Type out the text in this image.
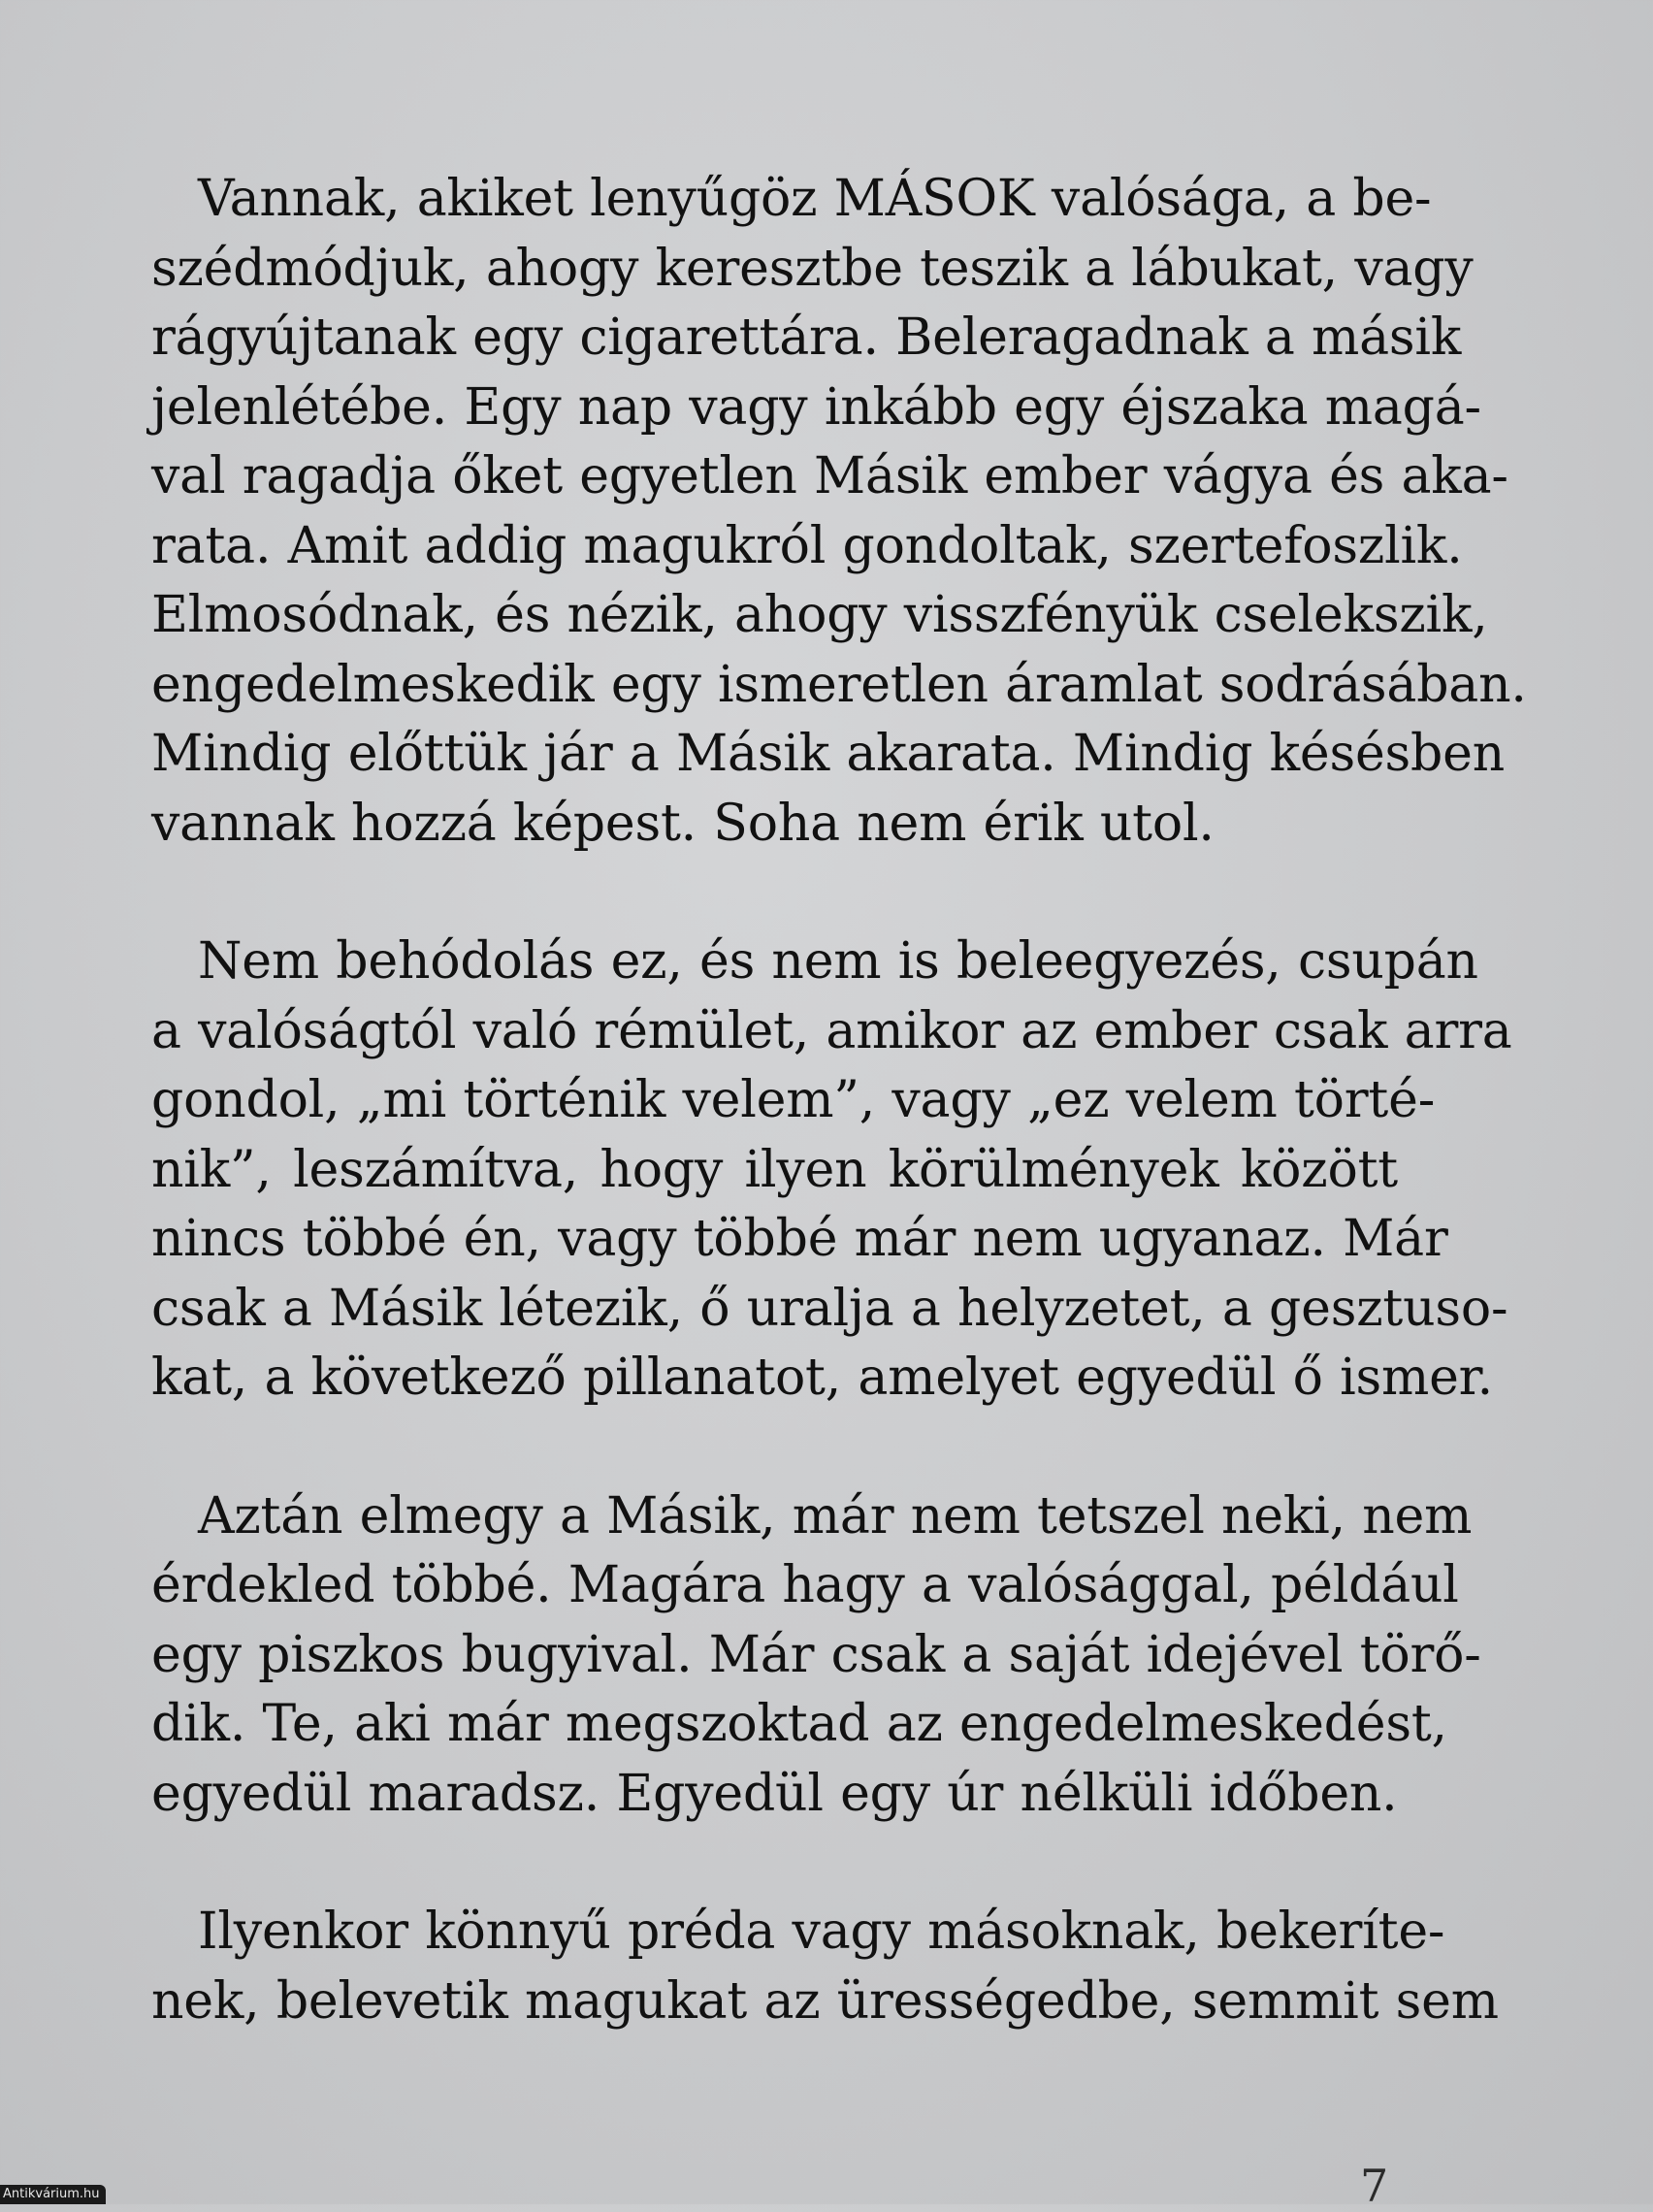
Vannak, akiket lenyűgöz MÁSOK valósága, a be-
szédmódjuk, ahogy keresztbe teszik a lábukat, vagy
rágyújtanak egy cigarettára. Beleragadnak a másik
jelenlétébe. Egy nap vagy inkább egy éjszaka magá-
val ragadja őket egyetlen Másik ember vágya és aka-
rata. Amit addig magukról gondoltak, szertefoszlik.
Elmosódnak, és nézik, ahogy visszfényük cselekszik,
engedelmeskedik egy ismeretlen áramlat sodrásában.
Mindig előttük jár a Másik akarata. Mindig késésben
vannak hozzá képest. Soha nem érik utol.

Nem behódolás ez, és nem is beleegyezés, csupán
a valóságtól való rémület, amikor az ember csak arra
gondol, „mi történik velem”, vagy „ez velem törté-
nik”, leszámítva, hogy ilyen körülmények között
nincs többé én, vagy többé már nem ugyanaz. Már
csak a Másik létezik, ő uralja a helyzetet, a gesztuso-
kat, a következő pillanatot, amelyet egyedül ő ismer.

Aztán elmegy a Másik, már nem tetszel neki, nem
érdekled többé. Magára hagy a valósággal, például
egy piszkos bugyival. Már csak a saját idejével törő-
dik. Te, aki már megszoktad az engedelmeskedést,
egyedül maradsz. Egyedül egy úr nélküli időben.

Ilyenkor könnyű préda vagy másoknak, bekeríte-
nek, belevetik magukat az ürességedbe, semmit sem

7
Antikvárium.hu
